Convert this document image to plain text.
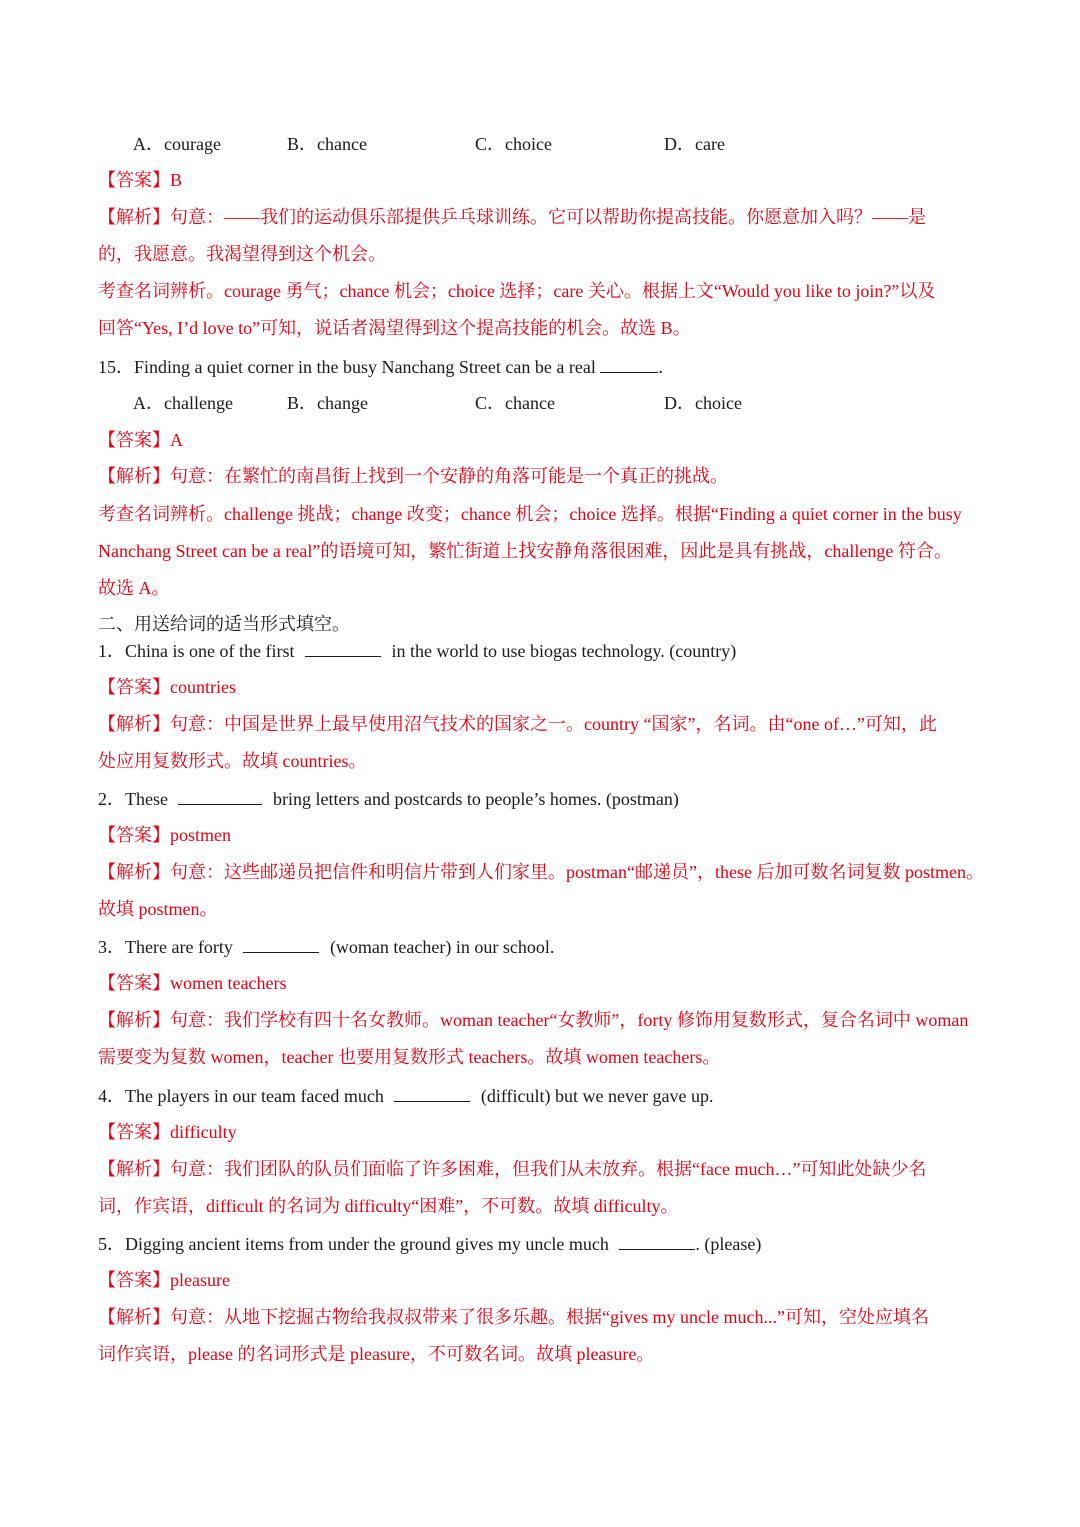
A．courage	B．chance	C．choice	D．care
【答案】B
【解析】句意：——我们的运动俱乐部提供乒乓球训练。它可以帮助你提高技能。你愿意加入吗？——是
的，我愿意。我渴望得到这个机会。
考查名词辨析。courage 勇气；chance 机会；choice 选择；care 关心。根据上文“Would you like to join?”以及
回答“Yes, I’d love to”可知，说话者渴望得到这个提高技能的机会。故选 B。
15．Finding a quiet corner in the busy Nanchang Street can be a real	.
A．challenge	B．change	C．chance	D．choice
【答案】A
【解析】句意：在繁忙的南昌街上找到一个安静的角落可能是一个真正的挑战。
考查名词辨析。challenge 挑战；change 改变；chance 机会；choice 选择。根据“Finding a quiet corner in the busy
Nanchang Street can be a real”的语境可知，繁忙街道上找安静角落很困难，因此是具有挑战，challenge 符合。
故选 A。
二、用送给词的适当形式填空。
1．China is one of the first	in the world to use biogas technology. (country)
【答案】countries
【解析】句意：中国是世界上最早使用沼气技术的国家之一。country “国家”，名词。由“one of…”可知，此
处应用复数形式。故填 countries。
2．These	bring letters and postcards to people’s homes. (postman)
【答案】postmen
【解析】句意：这些邮递员把信件和明信片带到人们家里。postman“邮递员”，these 后加可数名词复数 postmen。
故填 postmen。
3．There are forty	(woman teacher) in our school.
【答案】women teachers
【解析】句意：我们学校有四十名女教师。woman teacher“女教师”，forty 修饰用复数形式，复合名词中 woman
需要变为复数 women，teacher 也要用复数形式 teachers。故填 women teachers。
4．The players in our team faced much	(difficult) but we never gave up.
【答案】difficulty
【解析】句意：我们团队的队员们面临了许多困难，但我们从未放弃。根据“face much…”可知此处缺少名
词，作宾语，difficult 的名词为 difficulty“困难”，不可数。故填 difficulty。
5．Digging ancient items from under the ground gives my uncle much	. (please)
【答案】pleasure
【解析】句意：从地下挖掘古物给我叔叔带来了很多乐趣。根据“gives my uncle much...”可知，空处应填名
词作宾语，please 的名词形式是 pleasure，不可数名词。故填 pleasure。
